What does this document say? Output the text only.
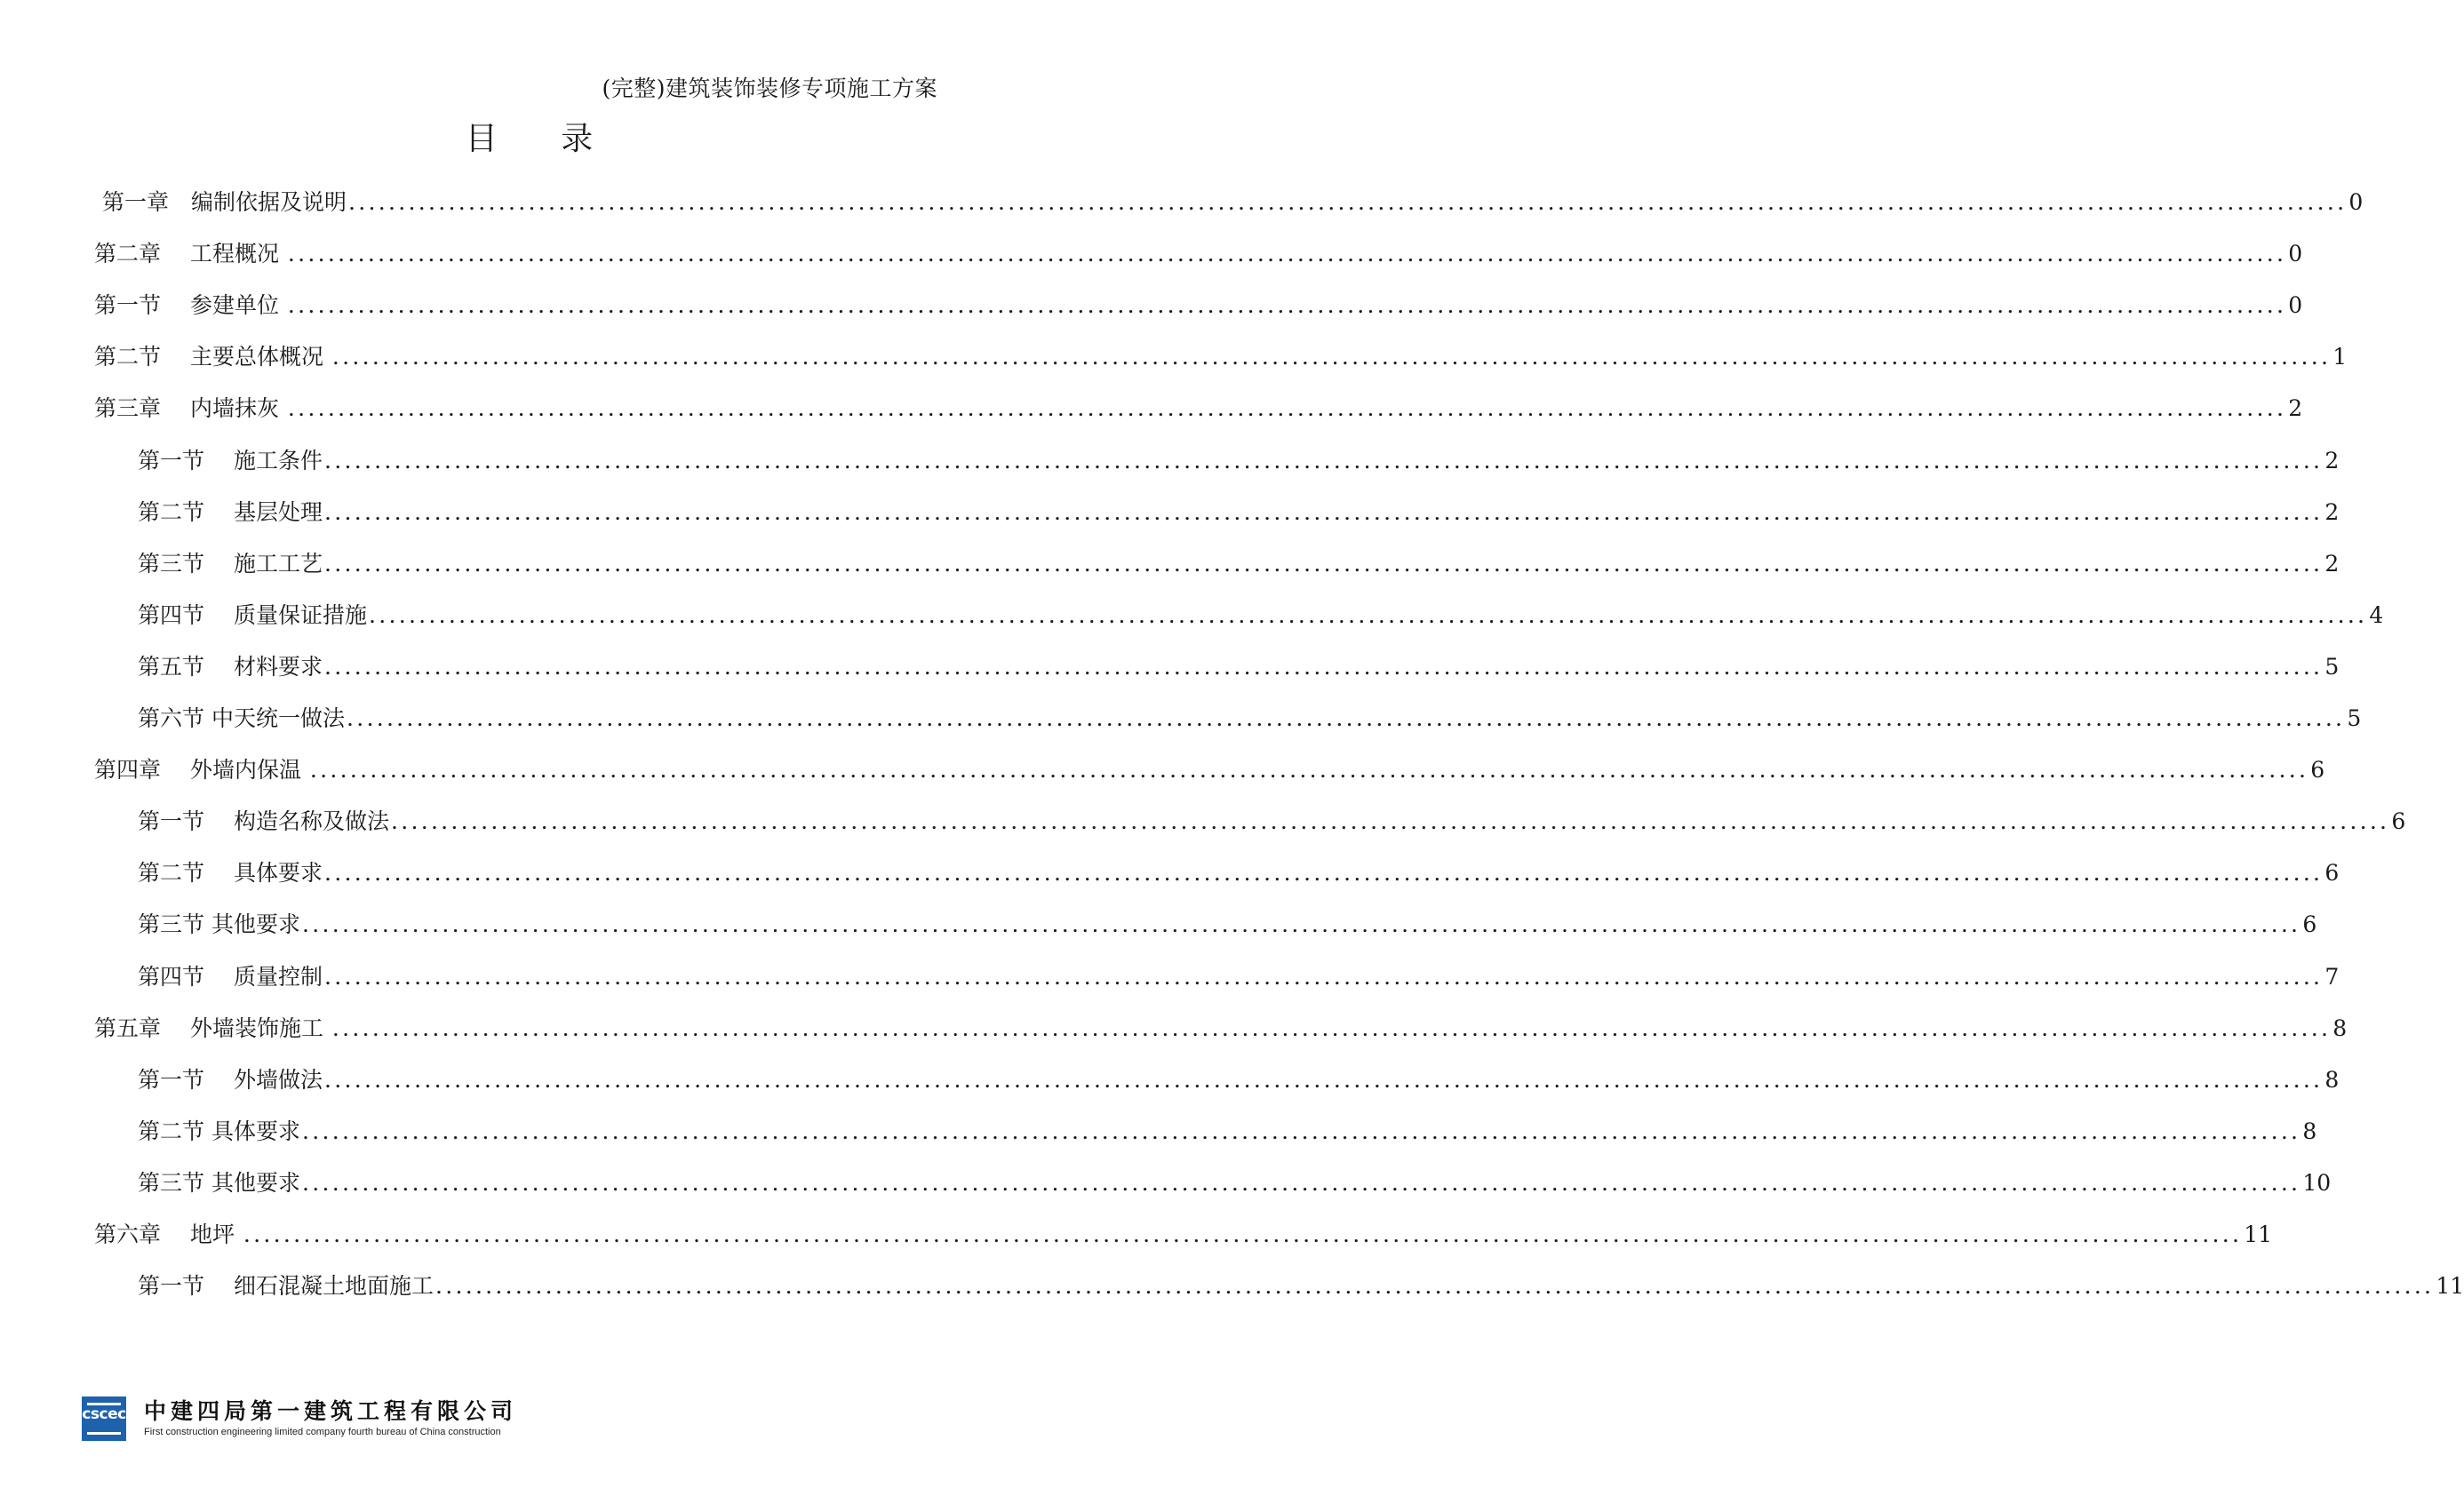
(完整)建筑装饰装修专项施工方案
目 录
第一章　编制依据及说明 ........................................................................................................................................................................................................ 0
第二章　 工程概况 ........................................................................................................................................................................................................ 0
第一节　 参建单位 ........................................................................................................................................................................................................ 0
第二节　 主要总体概况 ........................................................................................................................................................................................................ 1
第三章　 内墙抹灰 ........................................................................................................................................................................................................ 2
第一节　 施工条件 ........................................................................................................................................................................................................ 2
第二节　 基层处理 ........................................................................................................................................................................................................ 2
第三节　 施工工艺 ........................................................................................................................................................................................................ 2
第四节　 质量保证措施 ........................................................................................................................................................................................................ 4
第五节　 材料要求 ........................................................................................................................................................................................................ 5
第六节 中天统一做法 ........................................................................................................................................................................................................ 5
第四章　 外墙内保温 ........................................................................................................................................................................................................ 6
第一节　 构造名称及做法 ........................................................................................................................................................................................................ 6
第二节　 具体要求 ........................................................................................................................................................................................................ 6
第三节 其他要求 ........................................................................................................................................................................................................ 6
第四节　 质量控制 ........................................................................................................................................................................................................ 7
第五章　 外墙装饰施工 ........................................................................................................................................................................................................ 8
第一节　 外墙做法 ........................................................................................................................................................................................................ 8
第二节 具体要求 ........................................................................................................................................................................................................ 8
第三节 其他要求 ........................................................................................................................................................................................................ 10
第六章　 地坪 ........................................................................................................................................................................................................ 11
第一节　 细石混凝土地面施工 ........................................................................................................................................................................................................ 11
cscec 中建四局第一建筑工程有限公司
First construction engineering limited company fourth bureau of China construction
